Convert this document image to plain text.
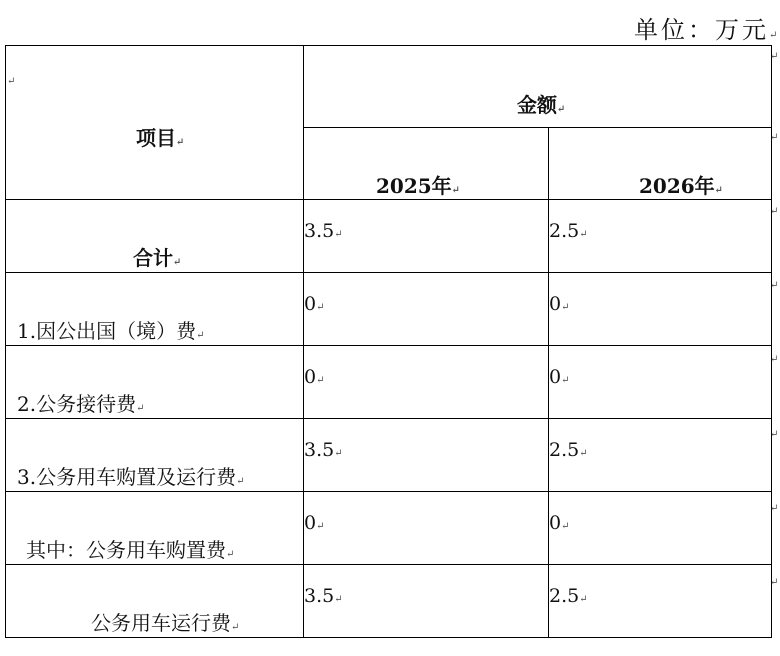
单位：万元↵
↵
项目↵	金额↵	

	2025年↵	2026年↵

合计↵	3.5↵	2.5↵

1.因公出国（境）费↵	0↵	0↵

2.公务接待费↵	0↵	0↵

3.公务用车购置及运行费↵	3.5↵	2.5↵

其中：公务用车购置费↵	0↵	0↵

公务用车运行费↵	3.5↵	2.5↵
↵
↵
↵
↵
↵
↵
↵
↵
